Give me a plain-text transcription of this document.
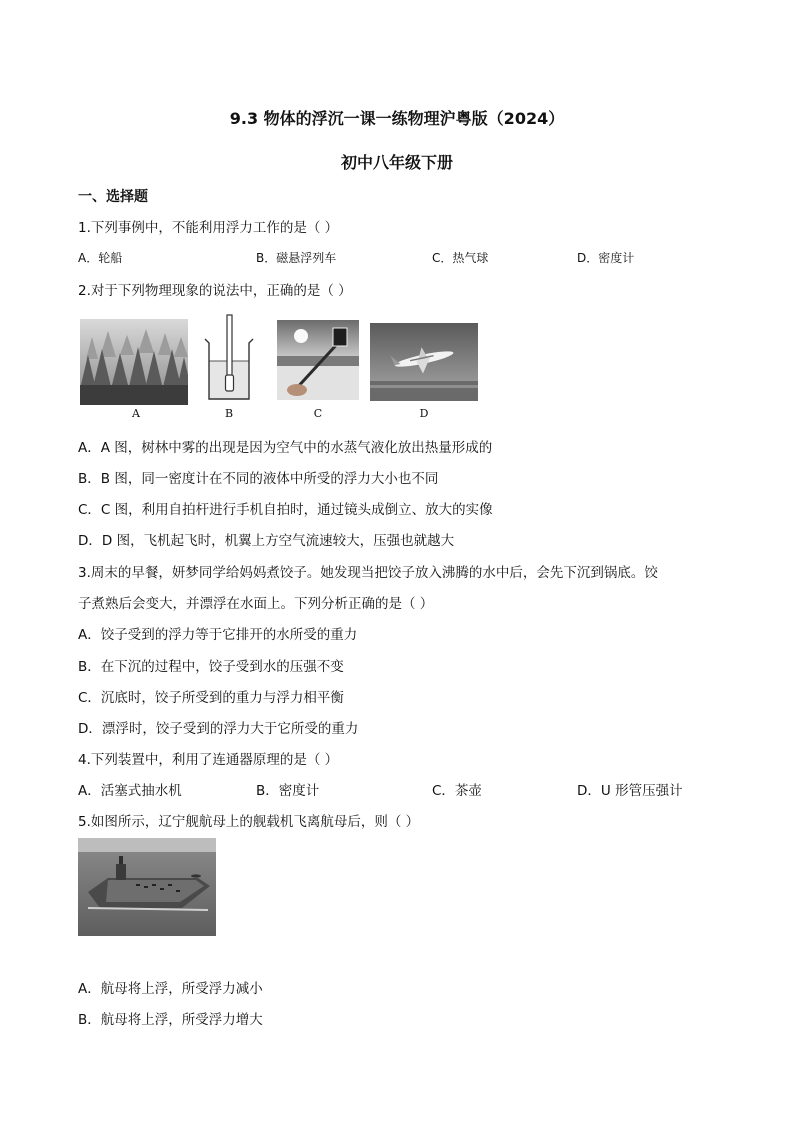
9.3 物体的浮沉一课一练物理沪粤版（2024）
初中八年级下册
一、选择题
1.下列事例中，不能利用浮力工作的是（ ）
A．轮船	B．磁悬浮列车	C．热气球	D．密度计
2.对于下列物理现象的说法中，正确的是（ ）
A	B	C	D
A．A 图，树林中雾的出现是因为空气中的水蒸气液化放出热量形成的
B．B 图，同一密度计在不同的液体中所受的浮力大小也不同
C．C 图，利用自拍杆进行手机自拍时，通过镜头成倒立、放大的实像
D．D 图，飞机起飞时，机翼上方空气流速较大，压强也就越大
3.周末的早餐，妍梦同学给妈妈煮饺子。她发现当把饺子放入沸腾的水中后，会先下沉到锅底。饺
子煮熟后会变大，并漂浮在水面上。下列分析正确的是（ ）
A．饺子受到的浮力等于它排开的水所受的重力
B．在下沉的过程中，饺子受到水的压强不变
C．沉底时，饺子所受到的重力与浮力相平衡
D．漂浮时，饺子受到的浮力大于它所受的重力
4.下列装置中，利用了连通器原理的是（ ）
A．活塞式抽水机	B．密度计	C．茶壶	D．U 形管压强计
5.如图所示，辽宁舰航母上的舰载机飞离航母后，则（ ）
A．航母将上浮，所受浮力减小
B．航母将上浮，所受浮力增大
